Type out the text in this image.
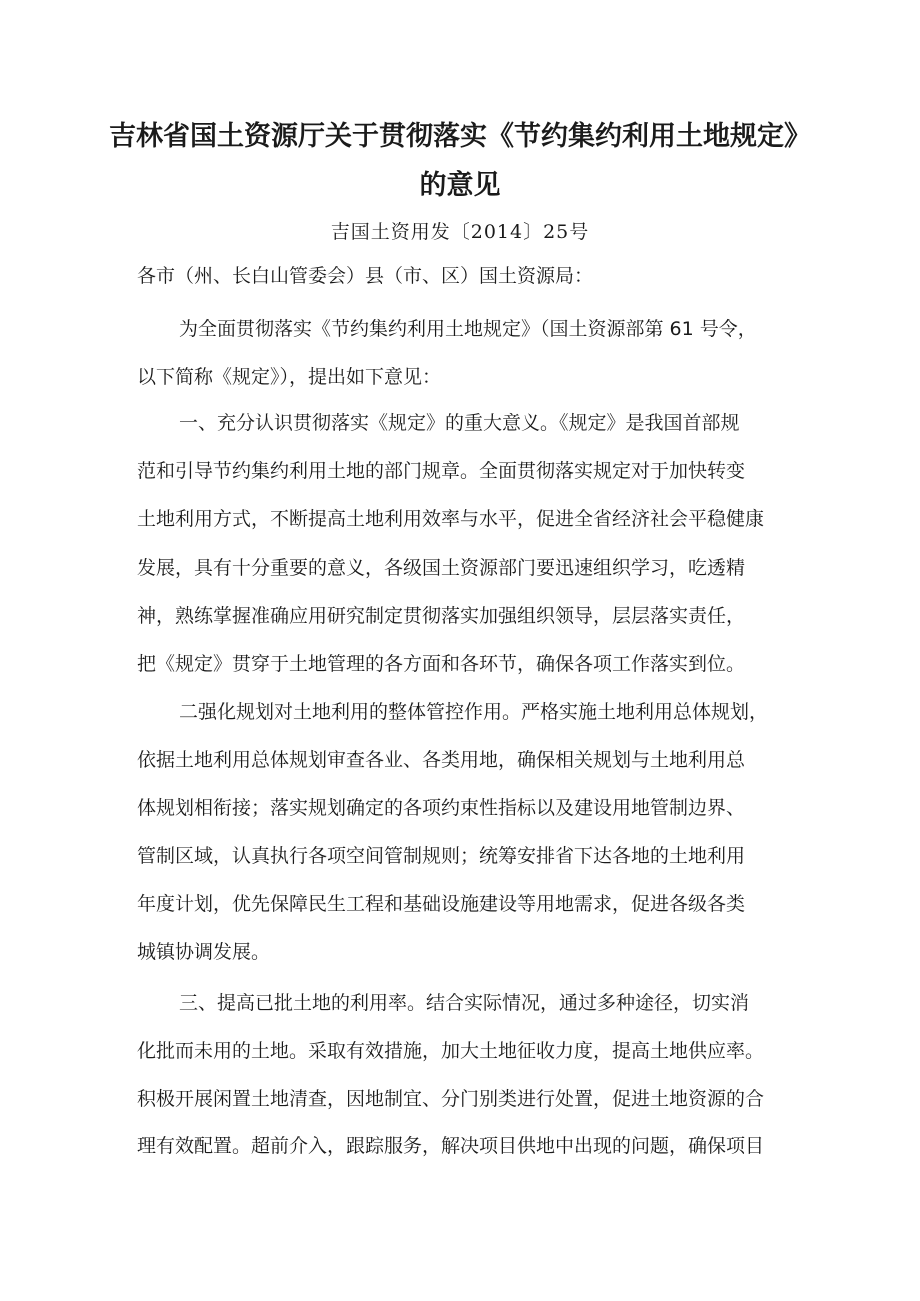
吉林省国土资源厅关于贯彻落实《节约集约利用土地规定》
的意见
吉国土资用发〔2014〕25号

各市（州、长白山管委会）县（市、区）国土资源局：

为全面贯彻落实《节约集约利用土地规定》（国土资源部第 61 号令，

以下简称《规定》），提出如下意见：

一、充分认识贯彻落实《规定》的重大意义。《规定》是我国首部规

范和引导节约集约利用土地的部门规章。全面贯彻落实规定对于加快转变

土地利用方式，不断提高土地利用效率与水平，促进全省经济社会平稳健康

发展，具有十分重要的意义，各级国土资源部门要迅速组织学习，吃透精

神，熟练掌握准确应用研究制定贯彻落实加强组织领导，层层落实责任，

把《规定》贯穿于土地管理的各方面和各环节，确保各项工作落实到位。

二强化规划对土地利用的整体管控作用。严格实施土地利用总体规划，

依据土地利用总体规划审查各业、各类用地，确保相关规划与土地利用总

体规划相衔接；落实规划确定的各项约束性指标以及建设用地管制边界、

管制区域，认真执行各项空间管制规则；统筹安排省下达各地的土地利用

年度计划，优先保障民生工程和基础设施建设等用地需求，促进各级各类

城镇协调发展。

三、提高已批土地的利用率。结合实际情况，通过多种途径，切实消

化批而未用的土地。采取有效措施，加大土地征收力度，提高土地供应率。

积极开展闲置土地清查，因地制宜、分门别类进行处置，促进土地资源的合

理有效配置。超前介入，跟踪服务，解决项目供地中出现的问题，确保项目
